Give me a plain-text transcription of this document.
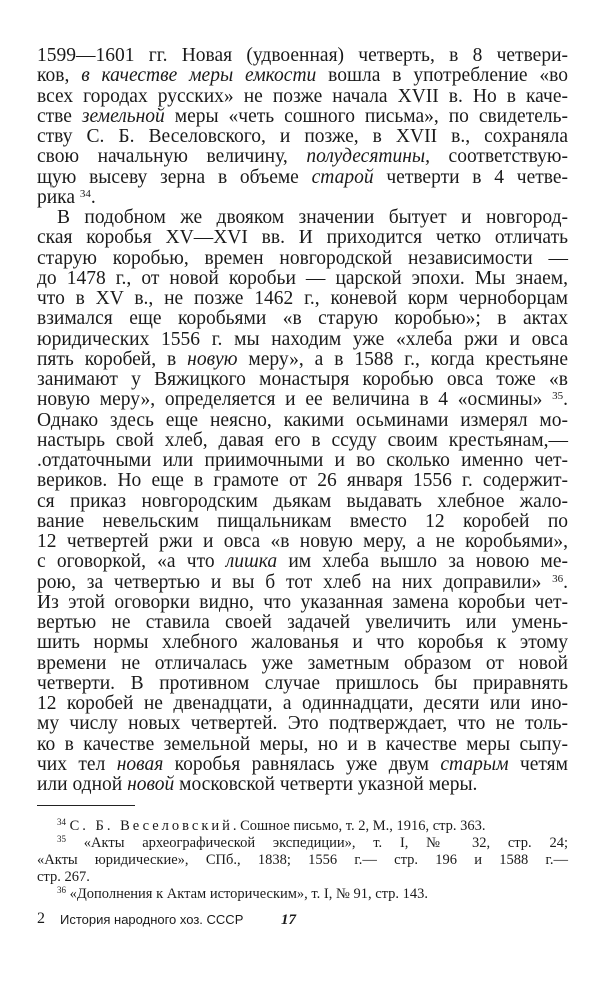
1599—1601 гг. Новая (удвоенная) четверть, в 8 четвери-
ков, в качестве меры емкости вошла в употребление «во
всех городах русских» не позже начала XVII в. Но в каче-
стве земельной меры «четь сошного письма», по свидетель-
ству С. Б. Веселовского, и позже, в XVII в., сохраняла
свою начальную величину, полудесятины, соответствую-
щую высеву зерна в объеме старой четверти в 4 четве-
рика $^{34}$.
В подобном же двояком значении бытует и новгород-
ская коробья XV—XVI вв. И приходится четко отличать
старую коробью, времен новгородской независимости —
до 1478 г., от новой коробьи — царской эпохи. Мы знаем,
что в XV в., не позже 1462 г., коневой корм черноборцам
взимался еще коробьями «в старую коробью»; в актах
юридических 1556 г. мы находим уже «хлеба ржи и овса
пять коробей, в новую меру», а в 1588 г., когда крестьяне
занимают у Вяжицкого монастыря коробью овса тоже «в
новую меру», определяется и ее величина в 4 «осмины» $^{35}$.
Однако здесь еще неясно, какими осьминами измерял мо-
настырь свой хлеб, давая его в ссуду своим крестьянам,—
.отдаточными или приимочными и во сколько именно чет-
вериков. Но еще в грамоте от 26 января 1556 г. содержит-
ся приказ новгородским дьякам выдавать хлебное жало-
вание невельским пищальникам вместо 12 коробей по
12 четвертей ржи и овса «в новую меру, а не коробьями»,
с оговоркой, «а что лишка им хлеба вышло за новою ме-
рою, за четвертью и вы б тот хлеб на них доправили» $^{36}$.
Из этой оговорки видно, что указанная замена коробьи чет-
вертью не ставила своей задачей увеличить или умень-
шить нормы хлебного жалованья и что коробья к этому
времени не отличалась уже заметным образом от новой
четверти. В противном случае пришлось бы приравнять
12 коробей не двенадцати, а одиннадцати, десяти или ино-
му числу новых четвертей. Это подтверждает, что не толь-
ко в качестве земельной меры, но и в качестве меры сыпу-
чих тел новая коробья равнялась уже двум старым четям
или одной новой московской четверти указной меры.
$^{34}$ С. Б. Веселовский. Сошное письмо, т. 2, М., 1916, стр. 363.
$^{35}$ «Акты археографической экспедиции», т. I, № 32, стр. 24;
«Акты юридические», СПб., 1838; 1556 г.— стр. 196 и 1588 г.—
стр. 267.
$^{36}$ «Дополнения к Актам историческим», т. I, № 91, стр. 143.
2 История народного хоз. СССР	17
